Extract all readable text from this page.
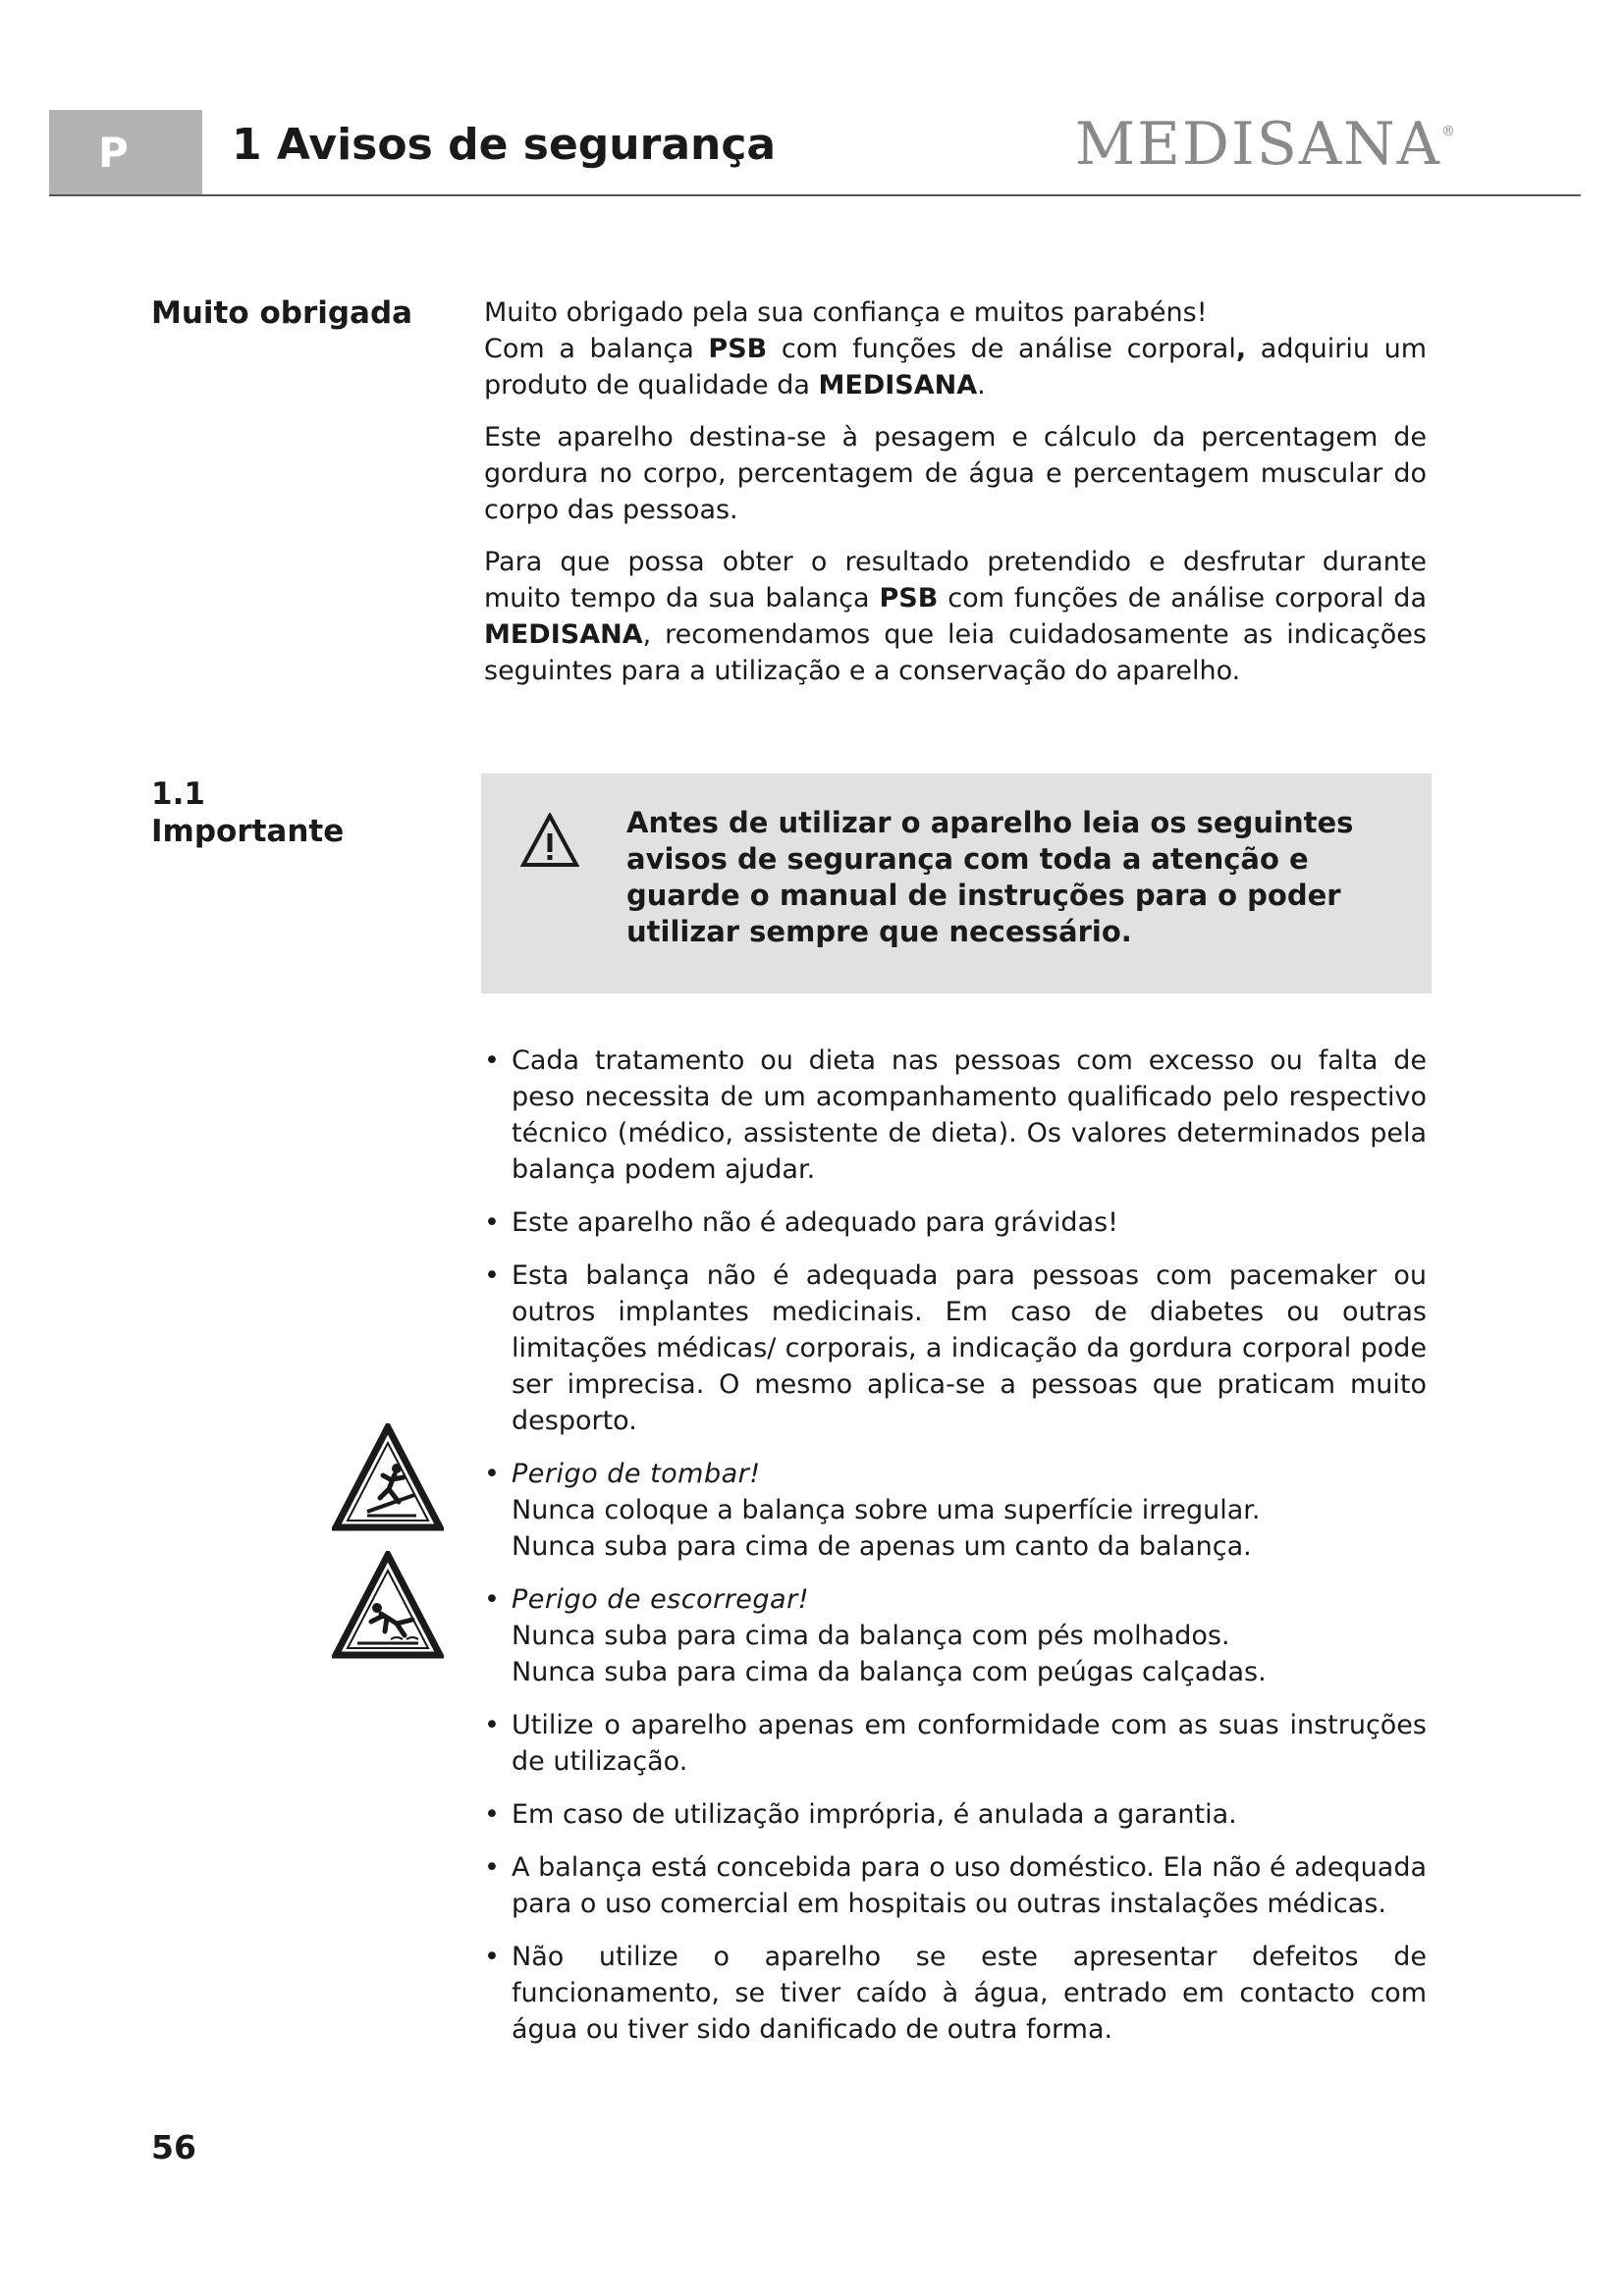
P 1 Avisos de segurança	MEDISANA®
Muito obrigada	Muito obrigado pela sua confiança e muitos parabéns!
Com a balança PSB com funções de análise corporal, adquiriu um produto de qualidade da MEDISANA.

Este aparelho destina-se à pesagem e cálculo da percentagem de gordura no corpo, percentagem de água e percentagem muscular do corpo das pessoas.

Para que possa obter o resultado pretendido e desfrutar durante muito tempo da sua balança PSB com funções de análise corporal da MEDISANA, recomendamos que leia cuidadosamente as indicações seguintes para a utilização e a conservação do aparelho.

1.1
Importante	Antes de utilizar o aparelho leia os seguintes avisos de segurança com toda a atenção e guarde o manual de instruções para o poder utilizar sempre que necessário.
• Cada tratamento ou dieta nas pessoas com excesso ou falta de peso necessita de um acompanhamento qualificado pelo respectivo técnico (médico, assistente de dieta). Os valores determinados pela balança podem ajudar.
• Este aparelho não é adequado para grávidas!
• Esta balança não é adequada para pessoas com pacemaker ou outros implantes medicinais. Em caso de diabetes ou outras limitações médicas/ corporais, a indicação da gordura corporal pode ser imprecisa. O mesmo aplica-se a pessoas que praticam muito desporto.
• Perigo de tombar!
Nunca coloque a balança sobre uma superfície irregular.
Nunca suba para cima de apenas um canto da balança.
• Perigo de escorregar!
Nunca suba para cima da balança com pés molhados.
Nunca suba para cima da balança com peúgas calçadas.
• Utilize o aparelho apenas em conformidade com as suas instruções de utilização.
• Em caso de utilização imprópria, é anulada a garantia.
• A balança está concebida para o uso doméstico. Ela não é adequada para o uso comercial em hospitais ou outras instalações médicas.
• Não utilize o aparelho se este apresentar defeitos de funcionamento, se tiver caído à água, entrado em contacto com água ou tiver sido danificado de outra forma.
56
